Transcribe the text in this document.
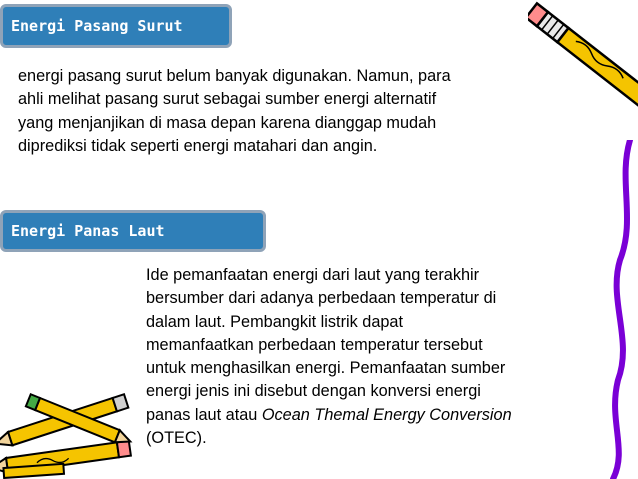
Energi Pasang Surut

energi pasang surut belum banyak digunakan. Namun, para
ahli melihat pasang surut sebagai sumber energi alternatif
yang menjanjikan di masa depan karena dianggap mudah
diprediksi tidak seperti energi matahari dan angin.

Energi Panas Laut

Ide pemanfaatan energi dari laut yang terakhir
bersumber dari adanya perbedaan temperatur di
dalam laut. Pembangkit listrik dapat
memanfaatkan perbedaan temperatur tersebut
untuk menghasilkan energi. Pemanfaatan sumber
energi jenis ini disebut dengan konversi energi
panas laut atau Ocean Themal Energy Conversion
(OTEC).
